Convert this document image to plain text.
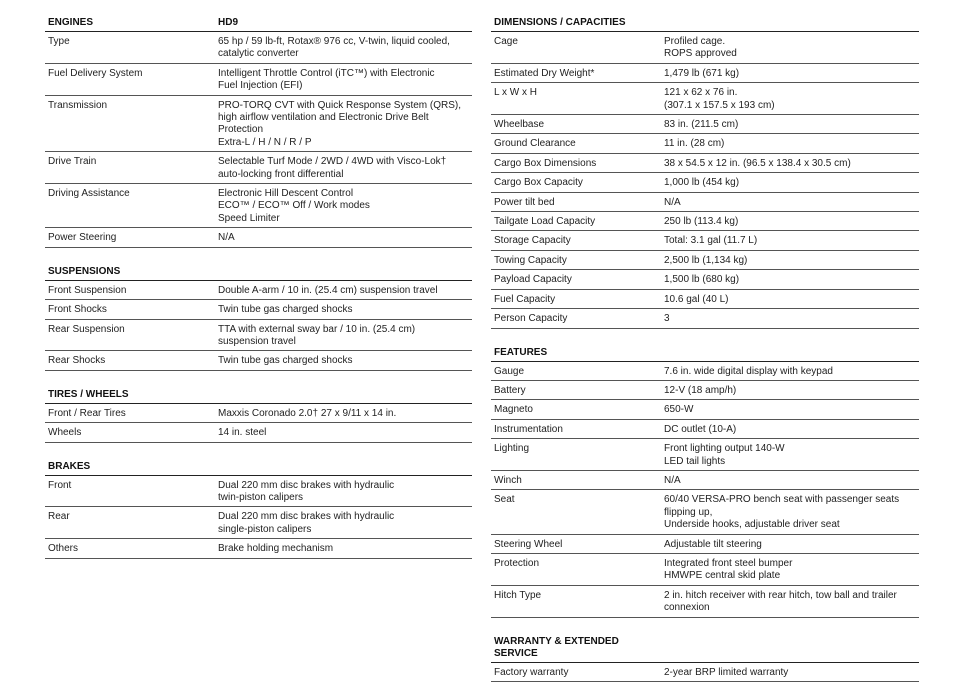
ENGINES	HD9
Type	65 hp / 59 lb-ft, Rotax® 976 cc, V-twin, liquid cooled,
catalytic converter
Fuel Delivery System	Intelligent Throttle Control (iTC™) with Electronic
Fuel Injection (EFI)
Transmission	PRO-TORQ CVT with Quick Response System (QRS),
high airflow ventilation and Electronic Drive Belt
Protection
Extra-L / H / N / R / P
Drive Train	Selectable Turf Mode / 2WD / 4WD with Visco-Lok†
auto-locking front differential
Driving Assistance	Electronic Hill Descent Control
ECO™ / ECO™ Off / Work modes
Speed Limiter
Power Steering	N/A
SUSPENSIONS
Front Suspension	Double A-arm / 10 in. (25.4 cm) suspension travel
Front Shocks	Twin tube gas charged shocks
Rear Suspension	TTA with external sway bar / 10 in. (25.4 cm)
suspension travel
Rear Shocks	Twin tube gas charged shocks
TIRES / WHEELS
Front / Rear Tires	Maxxis Coronado 2.0† 27 x 9/11 x 14 in.
Wheels	14 in. steel
BRAKES
Front	Dual 220 mm disc brakes with hydraulic
twin-piston calipers
Rear	Dual 220 mm disc brakes with hydraulic
single-piston calipers
Others	Brake holding mechanism
DIMENSIONS / CAPACITIES
Cage	Profiled cage.
ROPS approved
Estimated Dry Weight*	1,479 lb (671 kg)
L x W x H	121 x 62 x 76 in.
(307.1 x 157.5 x 193 cm)
Wheelbase	83 in. (211.5 cm)
Ground Clearance	11 in. (28 cm)
Cargo Box Dimensions	38 x 54.5 x 12 in. (96.5 x 138.4 x 30.5 cm)
Cargo Box Capacity	1,000 lb (454 kg)
Power tilt bed	N/A
Tailgate Load Capacity	250 lb (113.4 kg)
Storage Capacity	Total: 3.1 gal (11.7 L)
Towing Capacity	2,500 lb (1,134 kg)
Payload Capacity	1,500 lb (680 kg)
Fuel Capacity	10.6 gal (40 L)
Person Capacity	3
FEATURES
Gauge	7.6 in. wide digital display with keypad
Battery	12-V (18 amp/h)
Magneto	650-W
Instrumentation	DC outlet (10-A)
Lighting	Front lighting output 140-W
LED tail lights
Winch	N/A
Seat	60/40 VERSA-PRO bench seat with passenger seats
flipping up,
Underside hooks, adjustable driver seat
Steering Wheel	Adjustable tilt steering
Protection	Integrated front steel bumper
HMWPE central skid plate
Hitch Type	2 in. hitch receiver with rear hitch, tow ball and trailer
connexion
WARRANTY & EXTENDED SERVICE
Factory warranty	2-year BRP limited warranty
